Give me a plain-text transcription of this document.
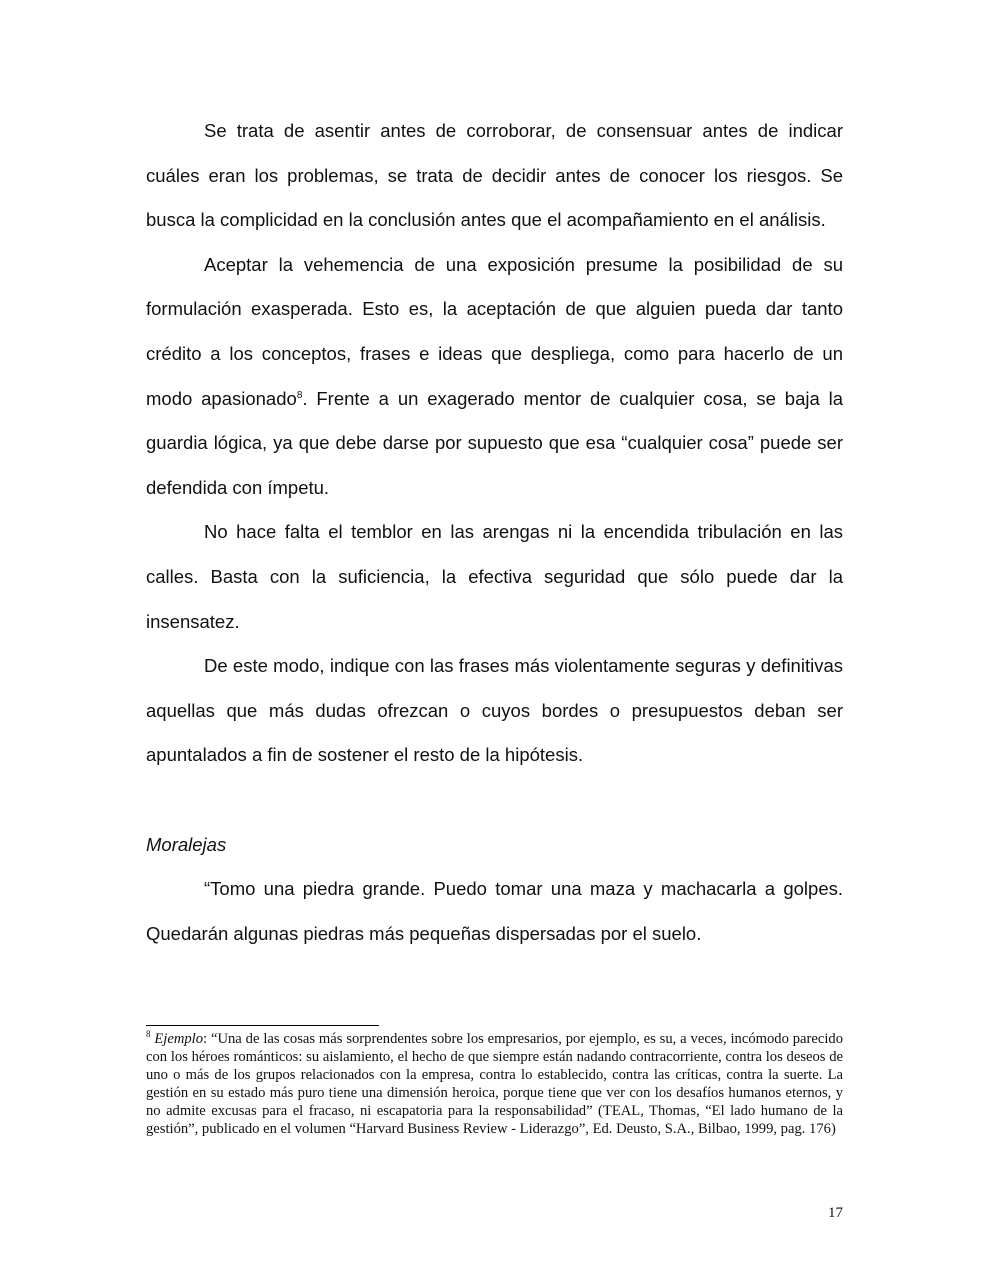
Se trata de asentir antes de corroborar, de consensuar antes de indicar cuáles eran los problemas, se trata de decidir antes de conocer los riesgos. Se busca la complicidad en la conclusión antes que el acompañamiento en el análisis.

Aceptar la vehemencia de una exposición presume la posibilidad de su formulación exasperada. Esto es, la aceptación de que alguien pueda dar tanto crédito a los conceptos, frases e ideas que despliega, como para hacerlo de un modo apasionado$^8$. Frente a un exagerado mentor de cualquier cosa, se baja la guardia lógica, ya que debe darse por supuesto que esa “cualquier cosa” puede ser defendida con ímpetu.

No hace falta el temblor en las arengas ni la encendida tribulación en las calles. Basta con la suficiencia, la efectiva seguridad que sólo puede dar la insensatez.

De este modo, indique con las frases más violentamente seguras y definitivas aquellas que más dudas ofrezcan o cuyos bordes o presupuestos deban ser apuntalados a fin de sostener el resto de la hipótesis.

Moralejas

“Tomo una piedra grande. Puedo tomar una maza y machacarla a golpes. Quedarán algunas piedras más pequeñas dispersadas por el suelo.

$^8$ Ejemplo: “Una de las cosas más sorprendentes sobre los empresarios, por ejemplo, es su, a veces, incómodo parecido con los héroes románticos: su aislamiento, el hecho de que siempre están nadando contracorriente, contra los deseos de uno o más de los grupos relacionados con la empresa, contra lo establecido, contra las críticas, contra la suerte. La gestión en su estado más puro tiene una dimensión heroica, porque tiene que ver con los desafíos humanos eternos, y no admite excusas para el fracaso, ni escapatoria para la responsabilidad” (TEAL, Thomas, “El lado humano de la gestión”, publicado en el volumen “Harvard Business Review - Liderazgo”, Ed. Deusto, S.A., Bilbao, 1999, pag. 176)

17
